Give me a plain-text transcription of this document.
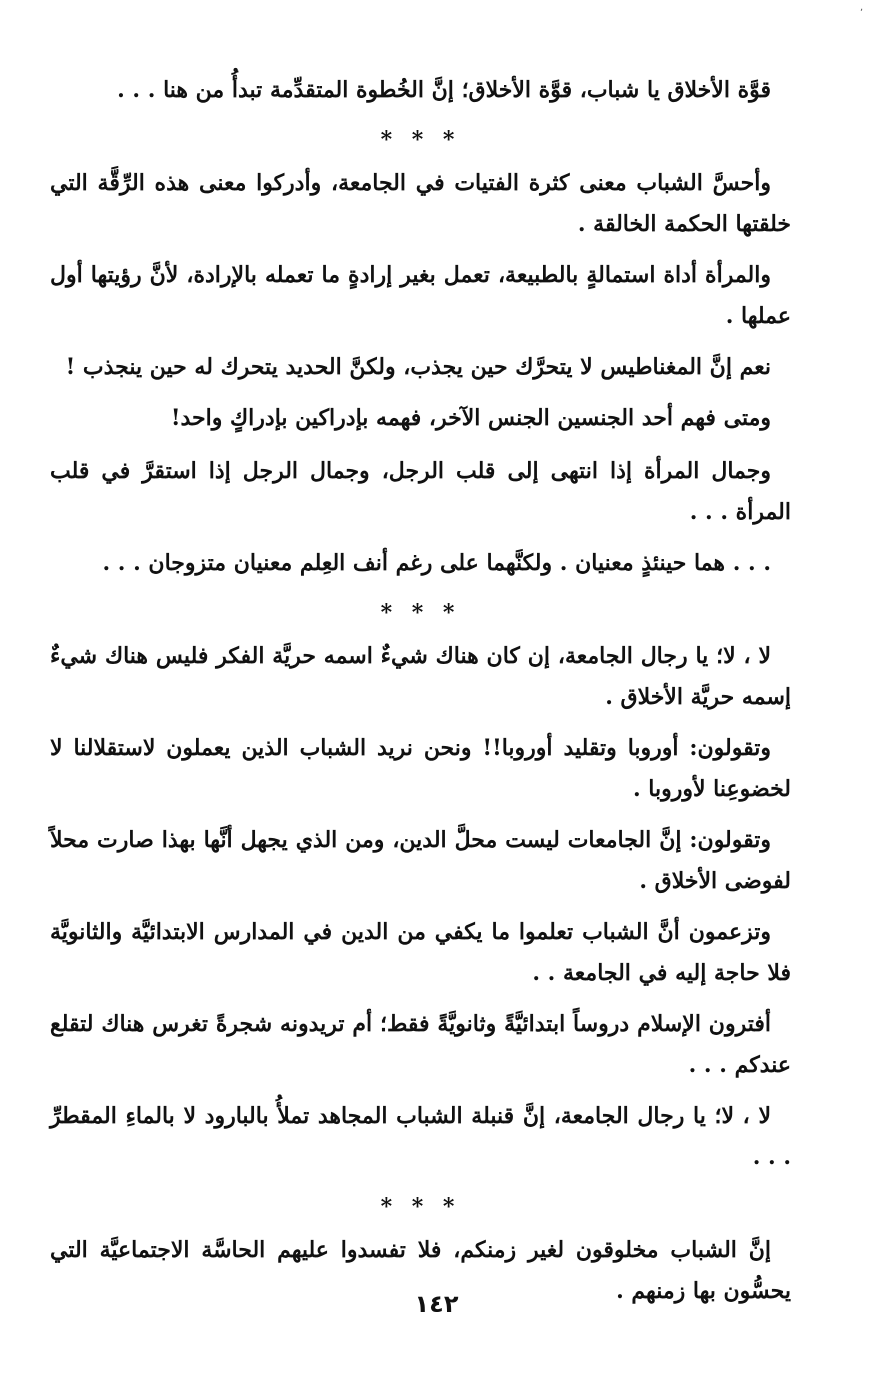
٬

قوَّة الأخلاق يا شباب، قوَّة الأخلاق؛ إنَّ الخُطوة المتقدِّمة تبدأُ من هنا . . .

* * *

وأحسَّ الشباب معنى كثرة الفتيات في الجامعة، وأدركوا معنى هذه الرِّقَّة التي خلقتها الحكمة الخالقة .

والمرأة أداة استمالةٍ بالطبيعة، تعمل بغير إرادةٍ ما تعمله بالإرادة، لأنَّ رؤيتها أول عملها .

نعم إنَّ المغناطيس لا يتحرَّك حين يجذب، ولكنَّ الحديد يتحرك له حين ينجذب !

ومتى فهم أحد الجنسين الجنس الآخر، فهمه بإدراكين بإدراكٍ واحد!

وجمال المرأة إذا انتهى إلى قلب الرجل، وجمال الرجل إذا استقرَّ في قلب المرأة . . .

. . . هما حينئذٍ معنيان . ولكنَّهما على رغم أنف العِلم معنيان متزوجان . . .

* * *

لا ، لا؛ يا رجال الجامعة، إن كان هناك شيءٌ اسمه حريَّة الفكر فليس هناك شيءٌ إسمه حريَّة الأخلاق .

وتقولون: أوروبا وتقليد أوروبا!! ونحن نريد الشباب الذين يعملون لاستقلالنا لا لخضوعِنا لأوروبا .

وتقولون: إنَّ الجامعات ليست محلَّ الدين، ومن الذي يجهل أنَّها بهذا صارت محلاً لفوضى الأخلاق .

وتزعمون أنَّ الشباب تعلموا ما يكفي من الدين في المدارس الابتدائيَّة والثانويَّة فلا حاجة إليه في الجامعة . .

أفترون الإسلام دروساً ابتدائيَّةً وثانويَّةً فقط؛ أم تريدونه شجرةً تغرس هناك لتقلع عندكم . . .

لا ، لا؛ يا رجال الجامعة، إنَّ قنبلة الشباب المجاهد تملأُ بالبارود لا بالماءِ المقطرِّ . . .

* * *

إنَّ الشباب مخلوقون لغير زمنكم، فلا تفسدوا عليهم الحاسَّة الاجتماعيَّة التي يحسُّون بها زمنهم .

١٤٢
